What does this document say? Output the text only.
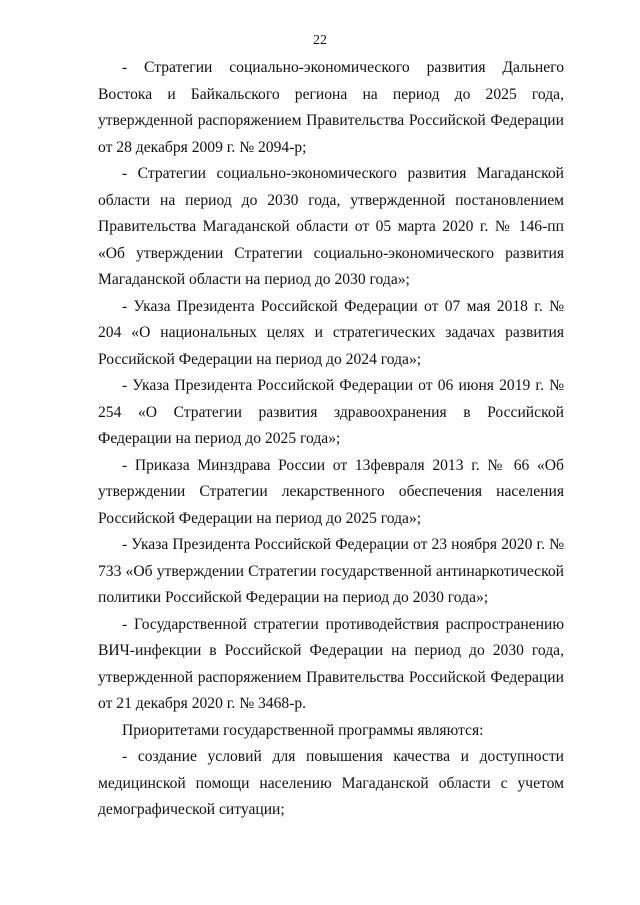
22

- Стратегии социально-экономического развития Дальнего Востока и Байкальского региона на период до 2025 года, утвержденной распоряжением Правительства Российской Федерации от 28 декабря 2009 г. № 2094-р;

- Стратегии социально-экономического развития Магаданской области на период до 2030 года, утвержденной постановлением Правительства Магаданской области от 05 марта 2020 г. № 146-пп «Об утверждении Стратегии социально-экономического развития Магаданской области на период до 2030 года»;

- Указа Президента Российской Федерации от 07 мая 2018 г. № 204 «О национальных целях и стратегических задачах развития Российской Федерации на период до 2024 года»;

- Указа Президента Российской Федерации от 06 июня 2019 г. № 254 «О Стратегии развития здравоохранения в Российской Федерации на период до 2025 года»;

- Приказа Минздрава России от 13февраля 2013 г. № 66 «Об утверждении Стратегии лекарственного обеспечения населения Российской Федерации на период до 2025 года»;

- Указа Президента Российской Федерации от 23 ноября 2020 г. № 733 «Об утверждении Стратегии государственной антинаркотической политики Российской Федерации на период до 2030 года»;

- Государственной стратегии противодействия распространению ВИЧ-инфекции в Российской Федерации на период до 2030 года, утвержденной распоряжением Правительства Российской Федерации от 21 декабря 2020 г. № 3468-р.

Приоритетами государственной программы являются:

- создание условий для повышения качества и доступности медицинской помощи населению Магаданской области с учетом демографической ситуации;
